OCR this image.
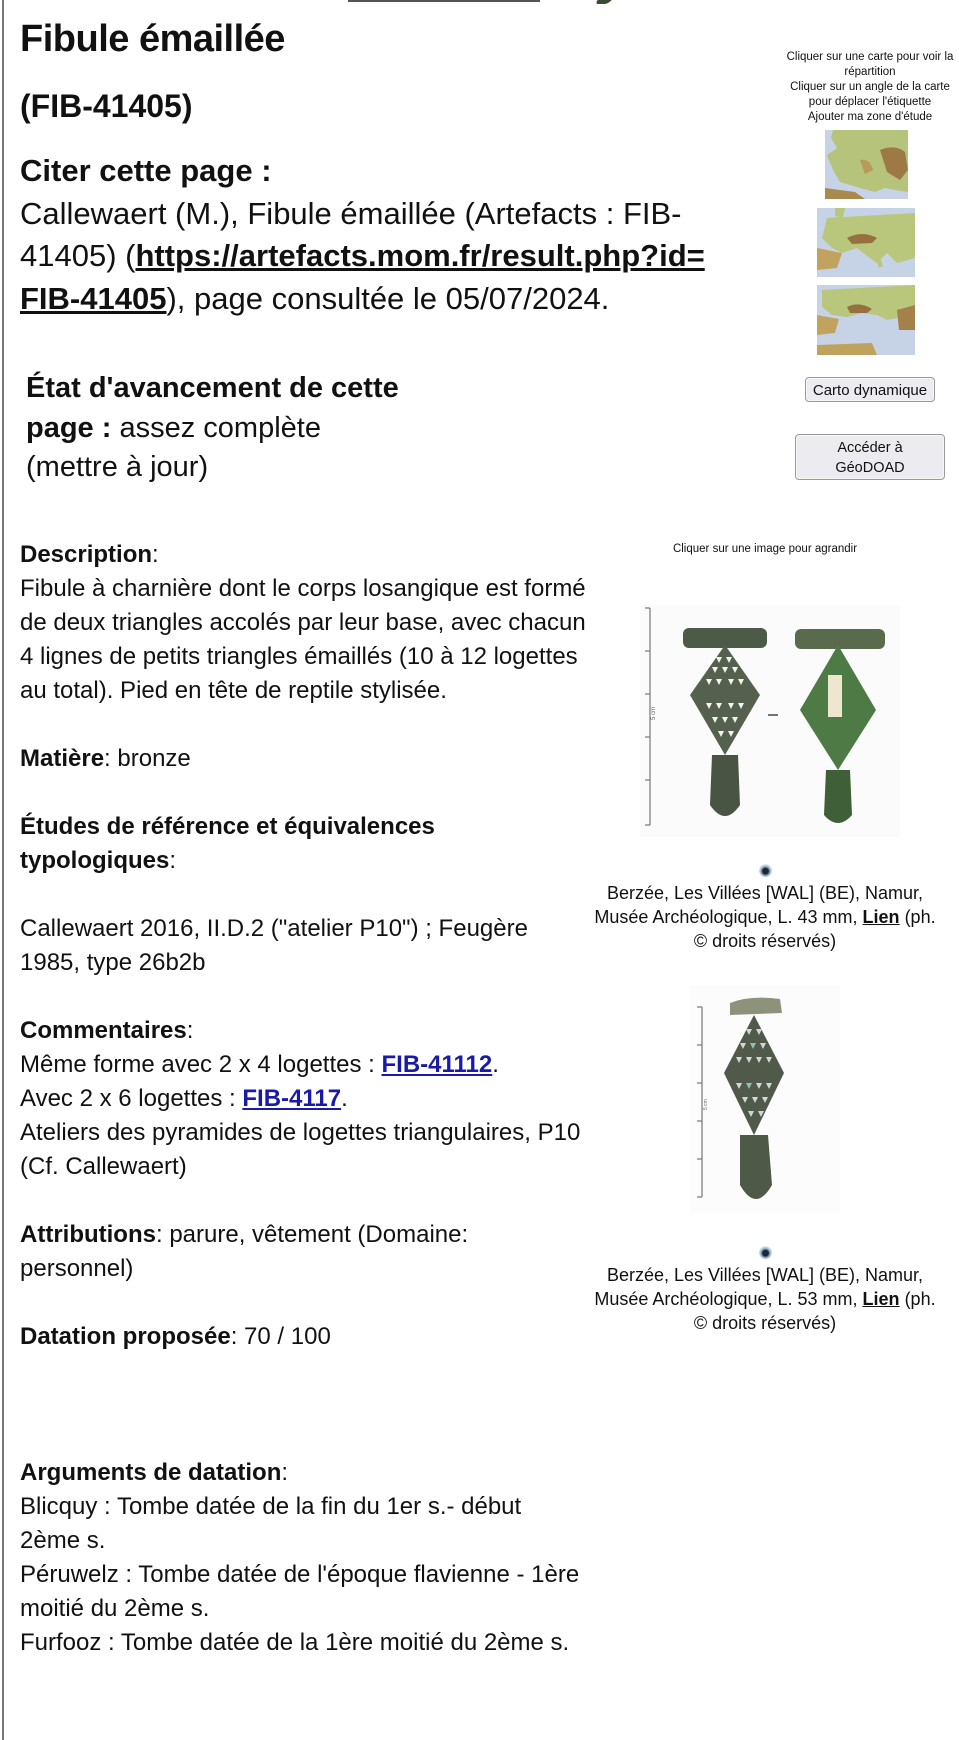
Fibule émaillée
(FIB-41405)
Citer cette page :
Callewaert (M.), Fibule émaillée (Artefacts : FIB-41405) (https://artefacts.mom.fr/result.php?id=FIB-41405), page consultée le 05/07/2024.
État d'avancement de cette page : assez complète
(mettre à jour)
Cliquer sur une carte pour voir la répartition
Cliquer sur un angle de la carte pour déplacer l'étiquette
Ajouter ma zone d'étude
Carto dynamique
Accéder à GéoDOAD
Cliquer sur une image pour agrandir
5 cm
Berzée, Les Villées [WAL] (BE), Namur, Musée Archéologique, L. 43 mm, Lien (ph. © droits réservés)
5 cm
Berzée, Les Villées [WAL] (BE), Namur, Musée Archéologique, L. 53 mm, Lien (ph. © droits réservés)

Description:
Fibule à charnière dont le corps losangique est formé de deux triangles accolés par leur base, avec chacun 4 lignes de petits triangles émaillés (10 à 12 logettes au total). Pied en tête de reptile stylisée.

Matière: bronze

Études de référence et équivalences typologiques:

Callewaert 2016, II.D.2 ("atelier P10") ; Feugère 1985, type 26b2b

Commentaires:
Même forme avec 2 x 4 logettes : FIB-41112.
Avec 2 x 6 logettes : FIB-4117.
Ateliers des pyramides de logettes triangulaires, P10 (Cf. Callewaert)

Attributions: parure, vêtement (Domaine: personnel)

Datation proposée: 70 / 100

Arguments de datation:
Blicquy : Tombe datée de la fin du 1er s.- début 2ème s.
Péruwelz : Tombe datée de l'époque flavienne - 1ère moitié du 2ème s.
Furfooz : Tombe datée de la 1ère moitié du 2ème s.
